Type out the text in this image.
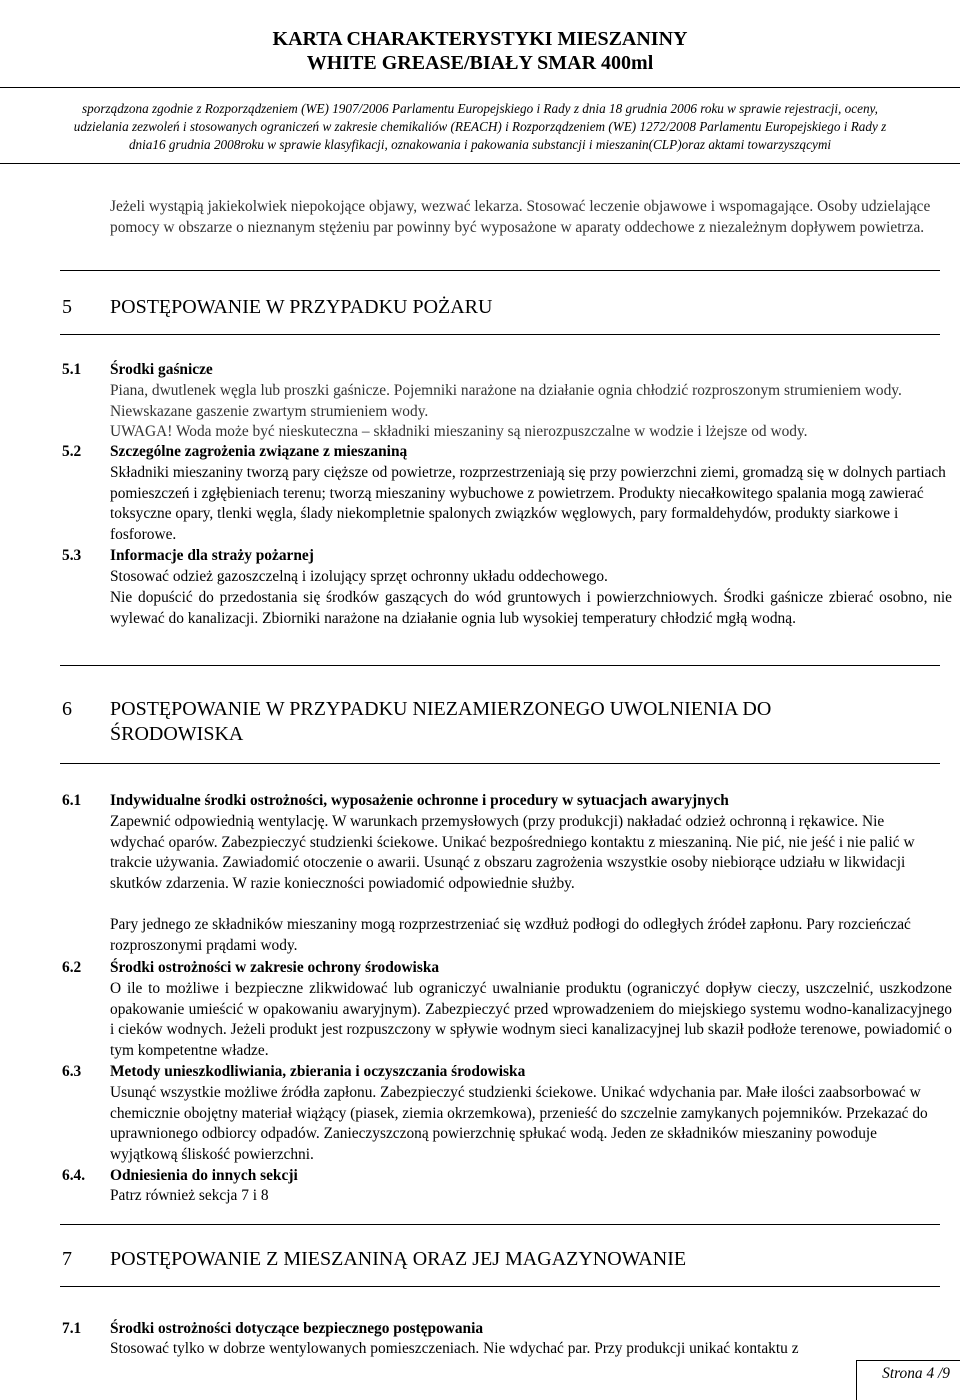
KARTA CHARAKTERYSTYKI MIESZANINY
WHITE GREASE/BIAŁY SMAR 400ml
sporządzona zgodnie z Rozporządzeniem (WE) 1907/2006 Parlamentu Europejskiego i Rady z dnia 18 grudnia 2006 roku w sprawie rejestracji, oceny,
udzielania zezwoleń i stosowanych ograniczeń w zakresie chemikaliów (REACH) i Rozporządzeniem (WE) 1272/2008 Parlamentu Europejskiego i Rady z
dnia16 grudnia 2008roku w sprawie klasyfikacji, oznakowania i pakowania substancji i mieszanin(CLP)oraz aktami towarzyszącymi
Jeżeli wystąpią jakiekolwiek niepokojące objawy, wezwać lekarza. Stosować leczenie objawowe i wspomagające. Osoby udzielające pomocy w obszarze o nieznanym stężeniu par powinny być wyposażone w aparaty oddechowe z niezależnym dopływem powietrza.
5 POSTĘPOWANIE W PRZYPADKU POŻARU
5.1 Środki gaśnicze
Piana, dwutlenek węgla lub proszki gaśnicze. Pojemniki narażone na działanie ognia chłodzić rozproszonym strumieniem wody. Niewskazane gaszenie zwartym strumieniem wody.
UWAGA! Woda może być nieskuteczna – składniki mieszaniny są nierozpuszczalne w wodzie i lżejsze od wody.
5.2 Szczególne zagrożenia związane z mieszaniną
Składniki mieszaniny tworzą pary cięższe od powietrze, rozprzestrzeniają się przy powierzchni ziemi, gromadzą się w dolnych partiach pomieszczeń i zgłębieniach terenu; tworzą mieszaniny wybuchowe z powietrzem. Produkty niecałkowitego spalania mogą zawierać toksyczne opary, tlenki węgla, ślady niekompletnie spalonych związków węglowych, pary formaldehydów, produkty siarkowe i fosforowe.
5.3 Informacje dla straży pożarnej
Stosować odzież gazoszczelną i izolujący sprzęt ochronny układu oddechowego.
Nie dopuścić do przedostania się środków gaszących do wód gruntowych i powierzchniowych. Środki gaśnicze zbierać osobno, nie wylewać do kanalizacji. Zbiorniki narażone na działanie ognia lub wysokiej temperatury chłodzić mgłą wodną.
6 POSTĘPOWANIE W PRZYPADKU NIEZAMIERZONEGO UWOLNIENIA DO ŚRODOWISKA
6.1 Indywidualne środki ostrożności, wyposażenie ochronne i procedury w sytuacjach awaryjnych
Zapewnić odpowiednią wentylację. W warunkach przemysłowych (przy produkcji) nakładać odzież ochronną i rękawice. Nie wdychać oparów. Zabezpieczyć studzienki ściekowe. Unikać bezpośredniego kontaktu z mieszaniną. Nie pić, nie jeść i nie palić w trakcie używania. Zawiadomić otoczenie o awarii. Usunąć z obszaru zagrożenia wszystkie osoby niebiorące udziału w likwidacji skutków zdarzenia. W razie konieczności powiadomić odpowiednie służby.
Pary jednego ze składników mieszaniny mogą rozprzestrzeniać się wzdłuż podłogi do odległych źródeł zapłonu. Pary rozcieńczać rozproszonymi prądami wody.
6.2 Środki ostrożności w zakresie ochrony środowiska
O ile to możliwe i bezpieczne zlikwidować lub ograniczyć uwalnianie produktu (ograniczyć dopływ cieczy, uszczelnić, uszkodzone opakowanie umieścić w opakowaniu awaryjnym). Zabezpieczyć przed wprowadzeniem do miejskiego systemu wodno-kanalizacyjnego i cieków wodnych. Jeżeli produkt jest rozpuszczony w spływie wodnym sieci kanalizacyjnej lub skaził podłoże terenowe, powiadomić o tym kompetentne władze.
6.3 Metody unieszkodliwiania, zbierania i oczyszczania środowiska
Usunąć wszystkie możliwe źródła zapłonu. Zabezpieczyć studzienki ściekowe. Unikać wdychania par. Małe ilości zaabsorbować w chemicznie obojętny materiał wiążący (piasek, ziemia okrzemkowa), przenieść do szczelnie zamykanych pojemników. Przekazać do uprawnionego odbiorcy odpadów. Zanieczyszczoną powierzchnię spłukać wodą. Jeden ze składników mieszaniny powoduje wyjątkową śliskość powierzchni.
6.4. Odniesienia do innych sekcji
Patrz również sekcja 7 i 8
7 POSTĘPOWANIE Z MIESZANINĄ ORAZ JEJ MAGAZYNOWANIE
7.1 Środki ostrożności dotyczące bezpiecznego postępowania
Stosować tylko w dobrze wentylowanych pomieszczeniach. Nie wdychać par. Przy produkcji unikać kontaktu z
Strona 4 /9
